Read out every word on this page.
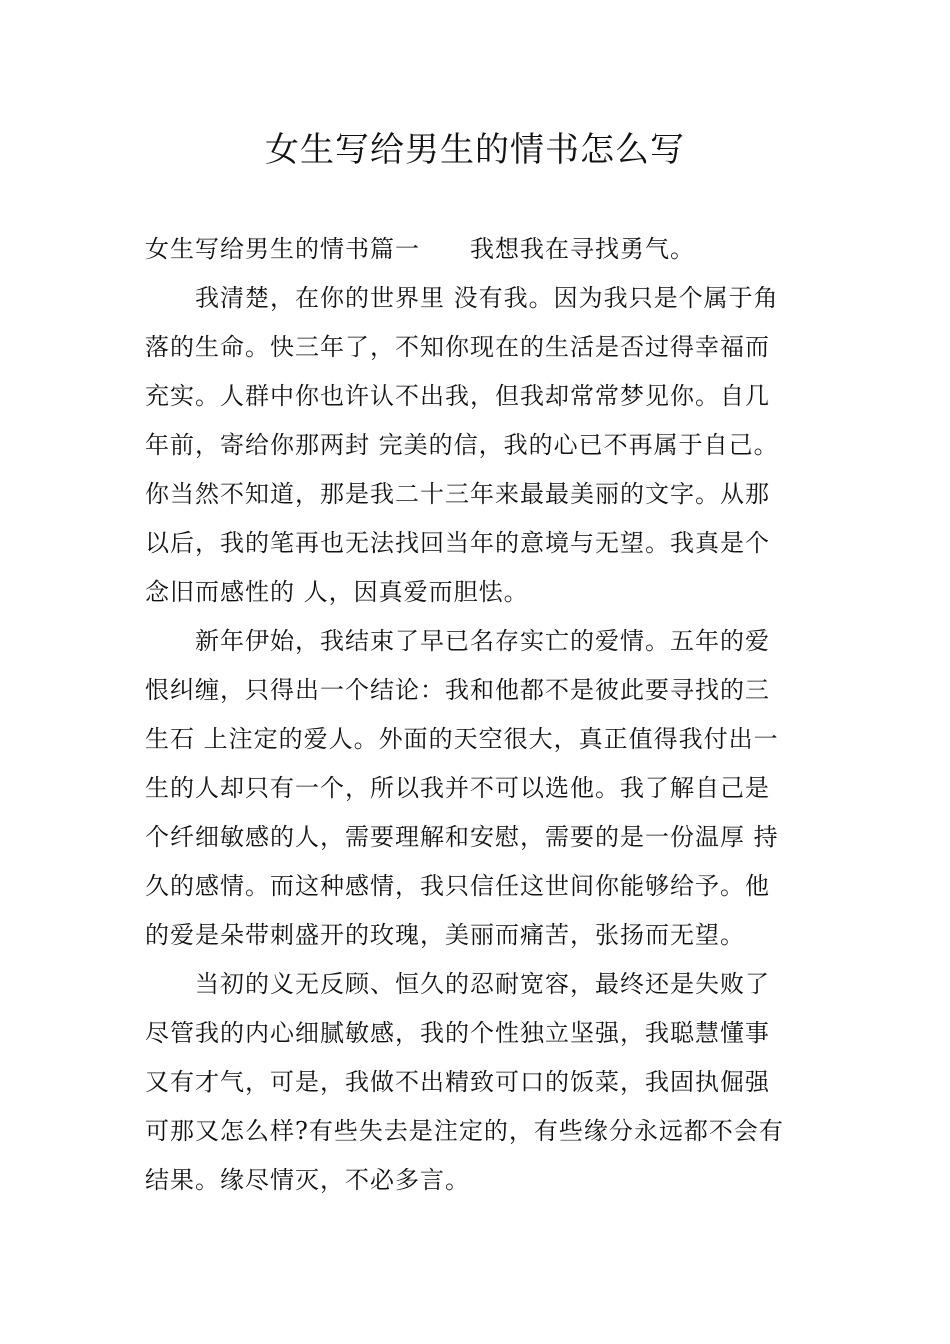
女生写给男生的情书怎么写
女生写给男生的情书篇一　　我想我在寻找勇气。
我清楚，在你的世界里 没有我。因为我只是个属于角
落的生命。快三年了，不知你现在的生活是否过得幸福而
充实。人群中你也许认不出我，但我却常常梦见你。自几
年前，寄给你那两封 完美的信，我的心已不再属于自己。
你当然不知道，那是我二十三年来最最美丽的文字。从那
以后，我的笔再也无法找回当年的意境与无望。我真是个
念旧而感性的 人，因真爱而胆怯。
新年伊始，我结束了早已名存实亡的爱情。五年的爱
恨纠缠，只得出一个结论：我和他都不是彼此要寻找的三
生石 上注定的爱人。外面的天空很大，真正值得我付出一
生的人却只有一个，所以我并不可以选他。我了解自己是
个纤细敏感的人，需要理解和安慰，需要的是一份温厚 持
久的感情。而这种感情，我只信任这世间你能够给予。他
的爱是朵带刺盛开的玫瑰，美丽而痛苦，张扬而无望。
当初的义无反顾、恒久的忍耐宽容，最终还是失败了
尽管我的内心细腻敏感，我的个性独立坚强，我聪慧懂事
又有才气，可是，我做不出精致可口的饭菜，我固执倔强
可那又怎么样?有些失去是注定的，有些缘分永远都不会有
结果。缘尽情灭，不必多言。
